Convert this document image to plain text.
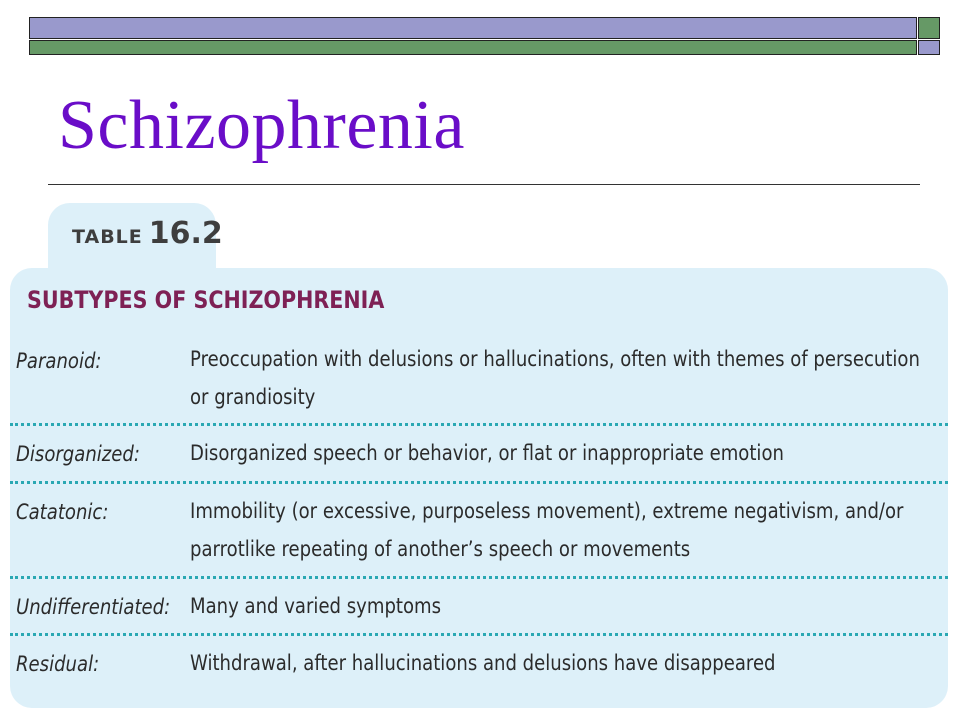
Schizophrenia
TABLE 16.2
SUBTYPES OF SCHIZOPHRENIA
Paranoid:	Preoccupation with delusions or hallucinations, often with themes of persecution
or grandiosity
Disorganized: Disorganized speech or behavior, or flat or inappropriate emotion
Catatonic:	Immobility (or excessive, purposeless movement), extreme negativism, and/or
parrotlike repeating of another’s speech or movements
Undifferentiated: Many and varied symptoms
Residual:	Withdrawal, after hallucinations and delusions have disappeared
